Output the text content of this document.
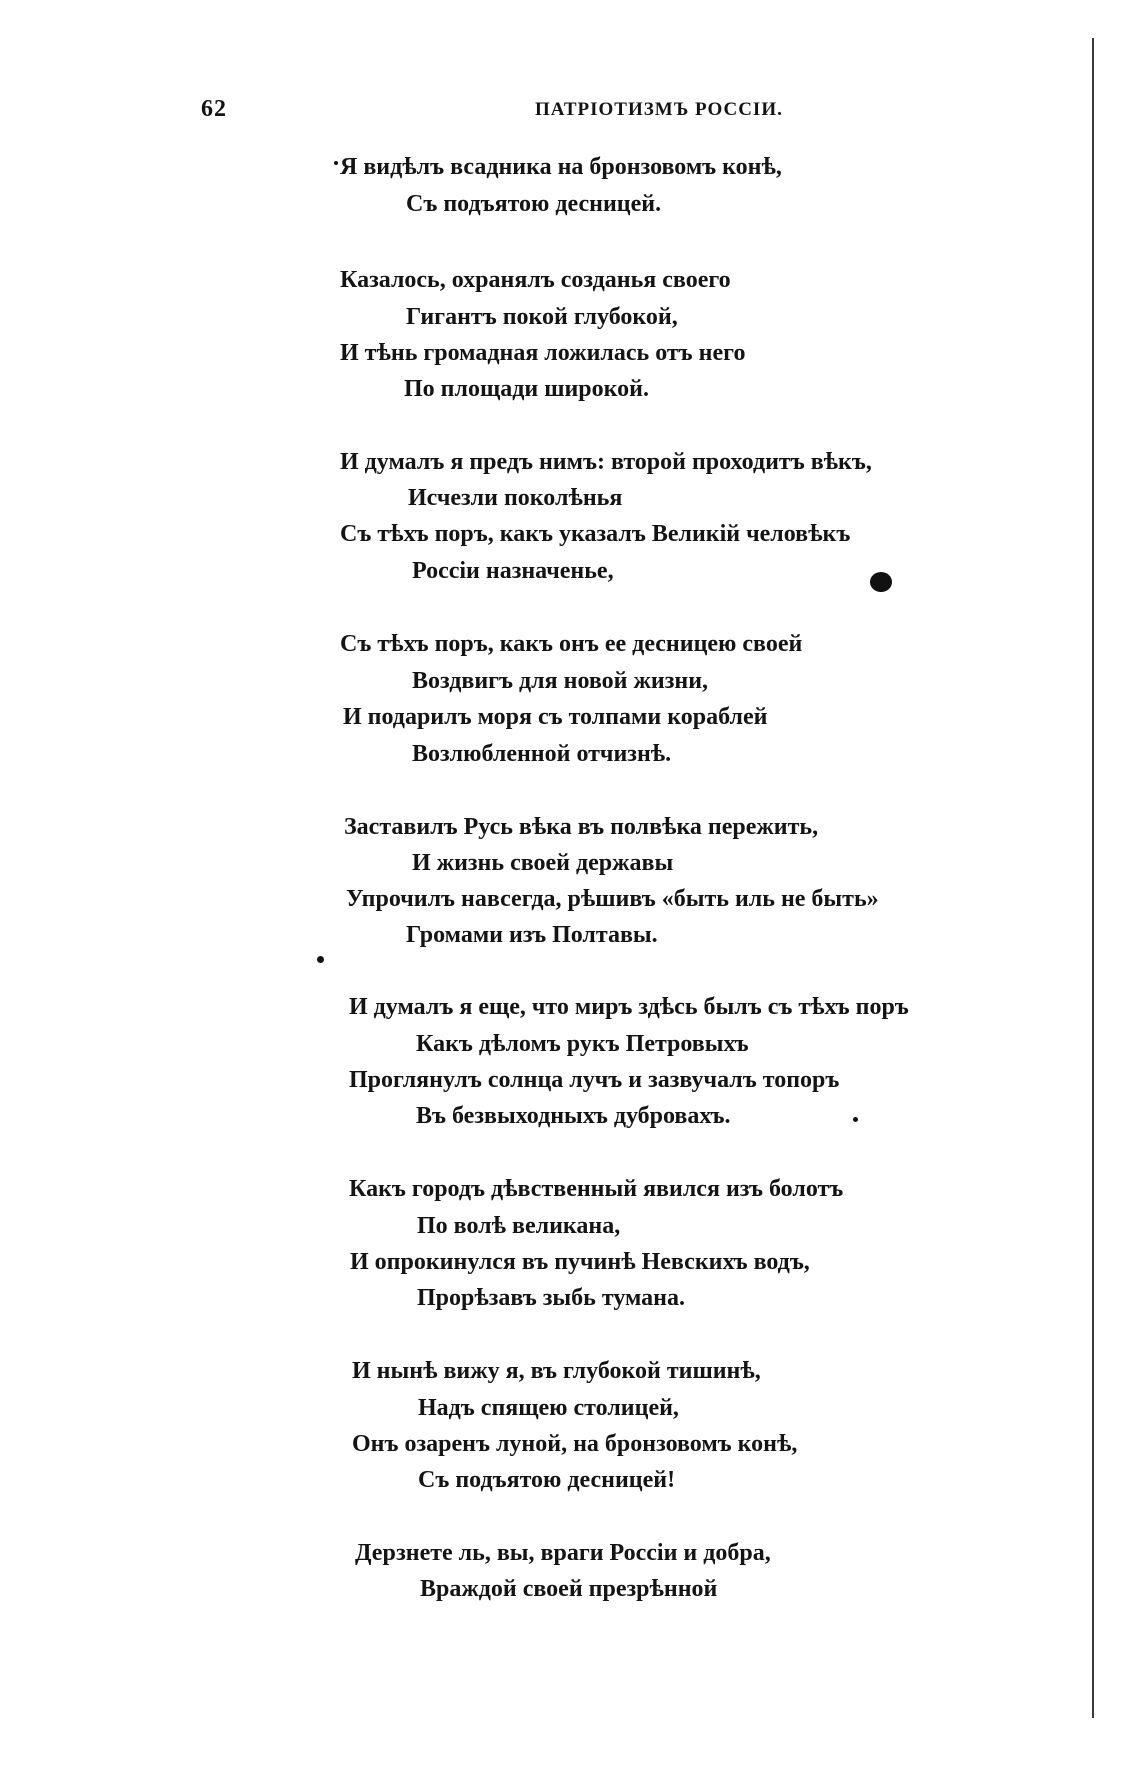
62	ПАТРІОТИЗМЪ РОССІИ.
Я видѣлъ всадника на бронзовомъ конѣ,
Съ подъятою десницей.
Казалось, охранялъ созданья своего
Гигантъ покой глубокой,
И тѣнь громадная ложилась отъ него
По площади широкой.
И думалъ я предъ нимъ: второй проходитъ вѣкъ,
Исчезли поколѣнья
Съ тѣхъ поръ, какъ указалъ Великій человѣкъ
Россіи назначенье,
Съ тѣхъ поръ, какъ онъ ее десницею своей
Воздвигъ для новой жизни,
И подарилъ моря съ толпами кораблей
Возлюбленной отчизнѣ.
Заставилъ Русь вѣка въ полвѣка пережить,
И жизнь своей державы
Упрочилъ навсегда, рѣшивъ «быть иль не быть»
Громами изъ Полтавы.
И думалъ я еще, что миръ здѣсь былъ съ тѣхъ поръ
Какъ дѣломъ рукъ Петровыхъ
Проглянулъ солнца лучъ и зазвучалъ топоръ
Въ безвыходныхъ дубровахъ.
Какъ городъ дѣвственный явился изъ болотъ
По волѣ великана,
И опрокинулся въ пучинѣ Невскихъ водъ,
Прорѣзавъ зыбь тумана.
И нынѣ вижу я, въ глубокой тишинѣ,
Надъ спящею столицей,
Онъ озаренъ луной, на бронзовомъ конѣ,
Съ подъятою десницей!
Дерзнете ль, вы, враги Россіи и добра,
Враждой своей презрѣнной
